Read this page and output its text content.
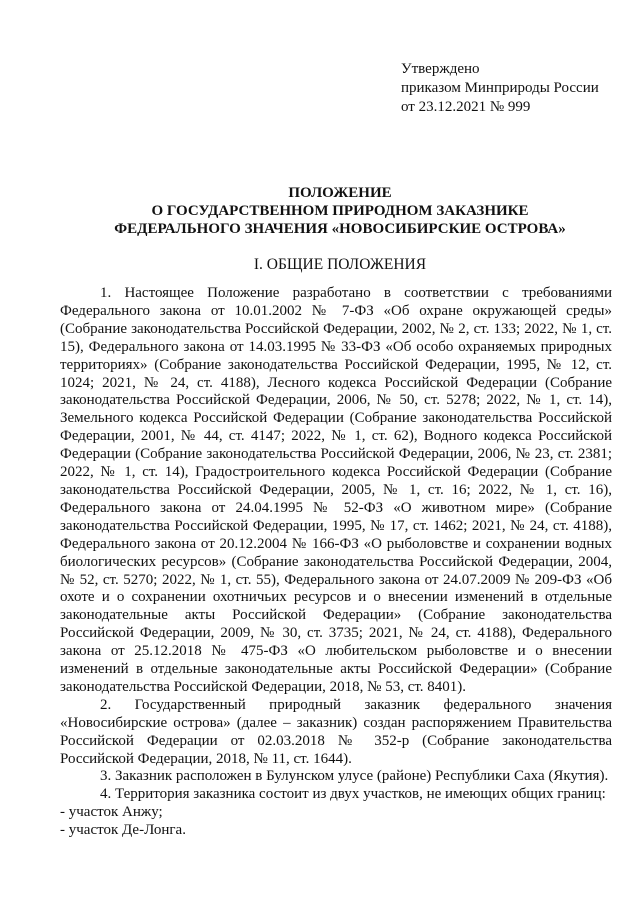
Утверждено
приказом Минприроды России
от 23.12.2021 № 999
ПОЛОЖЕНИЕ
О ГОСУДАРСТВЕННОМ ПРИРОДНОМ ЗАКАЗНИКЕ
ФЕДЕРАЛЬНОГО ЗНАЧЕНИЯ «НОВОСИБИРСКИЕ ОСТРОВА»
I. ОБЩИЕ ПОЛОЖЕНИЯ

1. Настоящее Положение разработано в соответствии с требованиями Федерального закона от 10.01.2002 № 7-ФЗ «Об охране окружающей среды» (Собрание законодательства Российской Федерации, 2002, № 2, ст. 133; 2022, № 1, ст. 15), Федерального закона от 14.03.1995 № 33-ФЗ «Об особо охраняемых природных территориях» (Собрание законодательства Российской Федерации, 1995, № 12, ст. 1024; 2021, № 24, ст. 4188), Лесного кодекса Российской Федерации (Собрание законодательства Российской Федерации, 2006, № 50, ст. 5278; 2022, № 1, ст. 14), Земельного кодекса Российской Федерации (Собрание законодательства Российской Федерации, 2001, № 44, ст. 4147; 2022, № 1, ст. 62), Водного кодекса Российской Федерации (Собрание законодательства Российской Федерации, 2006, № 23, ст. 2381; 2022, № 1, ст. 14), Градостроительного кодекса Российской Федерации (Собрание законодательства Российской Федерации, 2005, № 1, ст. 16; 2022, № 1, ст. 16), Федерального закона от 24.04.1995 № 52-ФЗ «О животном мире» (Собрание законодательства Российской Федерации, 1995, № 17, ст. 1462; 2021, № 24, ст. 4188), Федерального закона от 20.12.2004 № 166-ФЗ «О рыболовстве и сохранении водных биологических ресурсов» (Собрание законодательства Российской Федерации, 2004, № 52, ст. 5270; 2022, № 1, ст. 55), Федерального закона от 24.07.2009 № 209-ФЗ «Об охоте и о сохранении охотничьих ресурсов и о внесении изменений в отдельные законодательные акты Российской Федерации» (Собрание законодательства Российской Федерации, 2009, № 30, ст. 3735; 2021, № 24, ст. 4188), Федерального закона от 25.12.2018 № 475-ФЗ «О любительском рыболовстве и о внесении изменений в отдельные законодательные акты Российской Федерации» (Собрание законодательства Российской Федерации, 2018, № 53, ст. 8401).

2. Государственный природный заказник федерального значения «Новосибирские острова» (далее – заказник) создан распоряжением Правительства Российской Федерации от 02.03.2018 № 352-р (Собрание законодательства Российской Федерации, 2018, № 11, ст. 1644).

3. Заказник расположен в Булунском улусе (районе) Республики Саха (Якутия).

4. Территория заказника состоит из двух участков, не имеющих общих границ:

- участок Анжу;

- участок Де-Лонга.
